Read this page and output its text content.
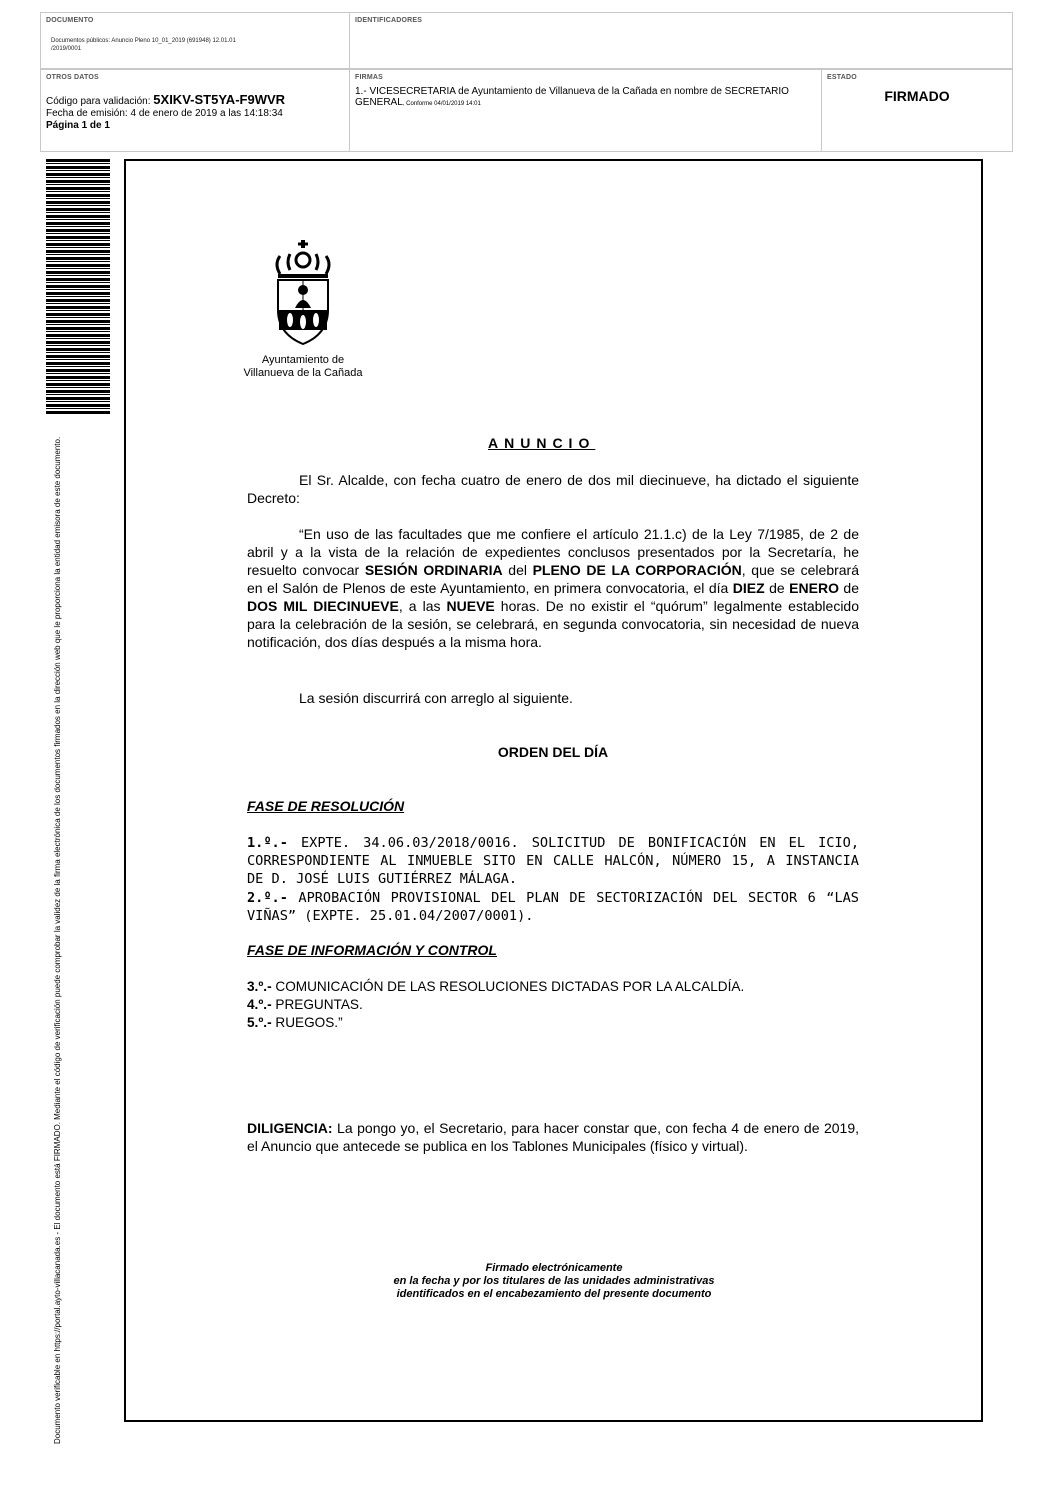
DOCUMENTO
Documentos públicos: Anuncio Pleno 10_01_2019 (691948) 12.01.01
/2019/0001
IDENTIFICADORES
OTROS DATOS
Código para validación: 5XIKV-ST5YA-F9WVR
Fecha de emisión: 4 de enero de 2019 a las 14:18:34
Página 1 de 1
FIRMAS
1.- VICESECRETARIA de Ayuntamiento de Villanueva de la Cañada en nombre de SECRETARIO GENERAL, Conforme 04/01/2019 14:01
ESTADO
FIRMADO
Documento verificable en https://portal.ayto-villacanada.es - El documento está FIRMADO. Mediante el código de verificación puede comprobar la validez de la firma electrónica de los documentos firmados en la dirección web que le proporciona la entidad emisora de este documento.
Ayuntamiento de
Villanueva de la Cañada
ANUNCIO
El Sr. Alcalde, con fecha cuatro de enero de dos mil diecinueve, ha dictado el siguiente Decreto:
“En uso de las facultades que me confiere el artículo 21.1.c) de la Ley 7/1985, de 2 de abril y a la vista de la relación de expedientes conclusos presentados por la Secretaría, he resuelto convocar SESIÓN ORDINARIA del PLENO DE LA CORPORACIÓN, que se celebrará en el Salón de Plenos de este Ayuntamiento, en primera convocatoria, el día DIEZ de ENERO de DOS MIL DIECINUEVE, a las NUEVE horas. De no existir el “quórum” legalmente establecido para la celebración de la sesión, se celebrará, en segunda convocatoria, sin necesidad de nueva notificación, dos días después a la misma hora.
La sesión discurrirá con arreglo al siguiente.
ORDEN DEL DÍA
FASE DE RESOLUCIÓN
1.º.- EXPTE. 34.06.03/2018/0016. SOLICITUD DE BONIFICACIÓN EN EL ICIO, CORRESPONDIENTE AL INMUEBLE SITO EN CALLE HALCÓN, NÚMERO 15, A INSTANCIA DE D. JOSÉ LUIS GUTIÉRREZ MÁLAGA.
2.º.- APROBACIÓN PROVISIONAL DEL PLAN DE SECTORIZACIÓN DEL SECTOR 6 “LAS VIÑAS” (EXPTE. 25.01.04/2007/0001).
FASE DE INFORMACIÓN Y CONTROL
3.º.- COMUNICACIÓN DE LAS RESOLUCIONES DICTADAS POR LA ALCALDÍA.
4.º.- PREGUNTAS.
5.º.- RUEGOS.”
DILIGENCIA: La pongo yo, el Secretario, para hacer constar que, con fecha 4 de enero de 2019, el Anuncio que antecede se publica en los Tablones Municipales (físico y virtual).
Firmado electrónicamente
en la fecha y por los titulares de las unidades administrativas
identificados en el encabezamiento del presente documento
